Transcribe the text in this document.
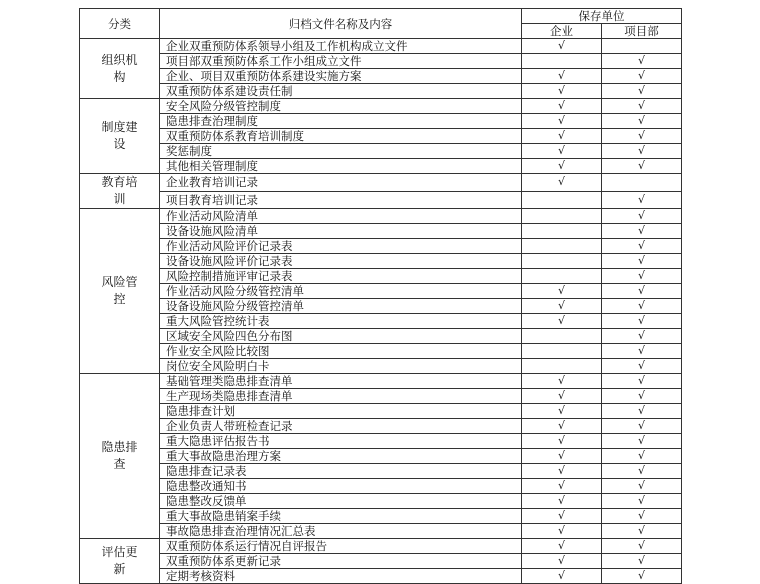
分类	归档文件名称及内容	保存单位	
		企业	项目部
组织机构	企业双重预防体系领导小组及工作机构成立文件	√	
	项目部双重预防体系工作小组成立文件		√
	企业、项目双重预防体系建设实施方案	√	√
	双重预防体系建设责任制	√	√
制度建设	安全风险分级管控制度	√	√
	隐患排查治理制度	√	√
	双重预防体系教育培训制度	√	√
	奖惩制度	√	√
	其他相关管理制度	√	√
教育培训	企业教育培训记录	√	
	项目教育培训记录		√
风险管控	作业活动风险清单		√
	设备设施风险清单		√
	作业活动风险评价记录表		√
	设备设施风险评价记录表		√
	风险控制措施评审记录表		√
	作业活动风险分级管控清单	√	√
	设备设施风险分级管控清单	√	√
	重大风险管控统计表	√	√
	区域安全风险四色分布图		√
	作业安全风险比较图		√
	岗位安全风险明白卡		√
隐患排查	基础管理类隐患排查清单	√	√
	生产现场类隐患排查清单	√	√
	隐患排查计划	√	√
	企业负责人带班检查记录	√	√
	重大隐患评估报告书	√	√
	重大事故隐患治理方案	√	√
	隐患排查记录表	√	√
	隐患整改通知书	√	√
	隐患整改反馈单	√	√
	重大事故隐患销案手续	√	√
	事故隐患排查治理情况汇总表	√	√
评估更新	双重预防体系运行情况自评报告	√	√
	双重预防体系更新记录	√	√
	定期考核资料	√	√
